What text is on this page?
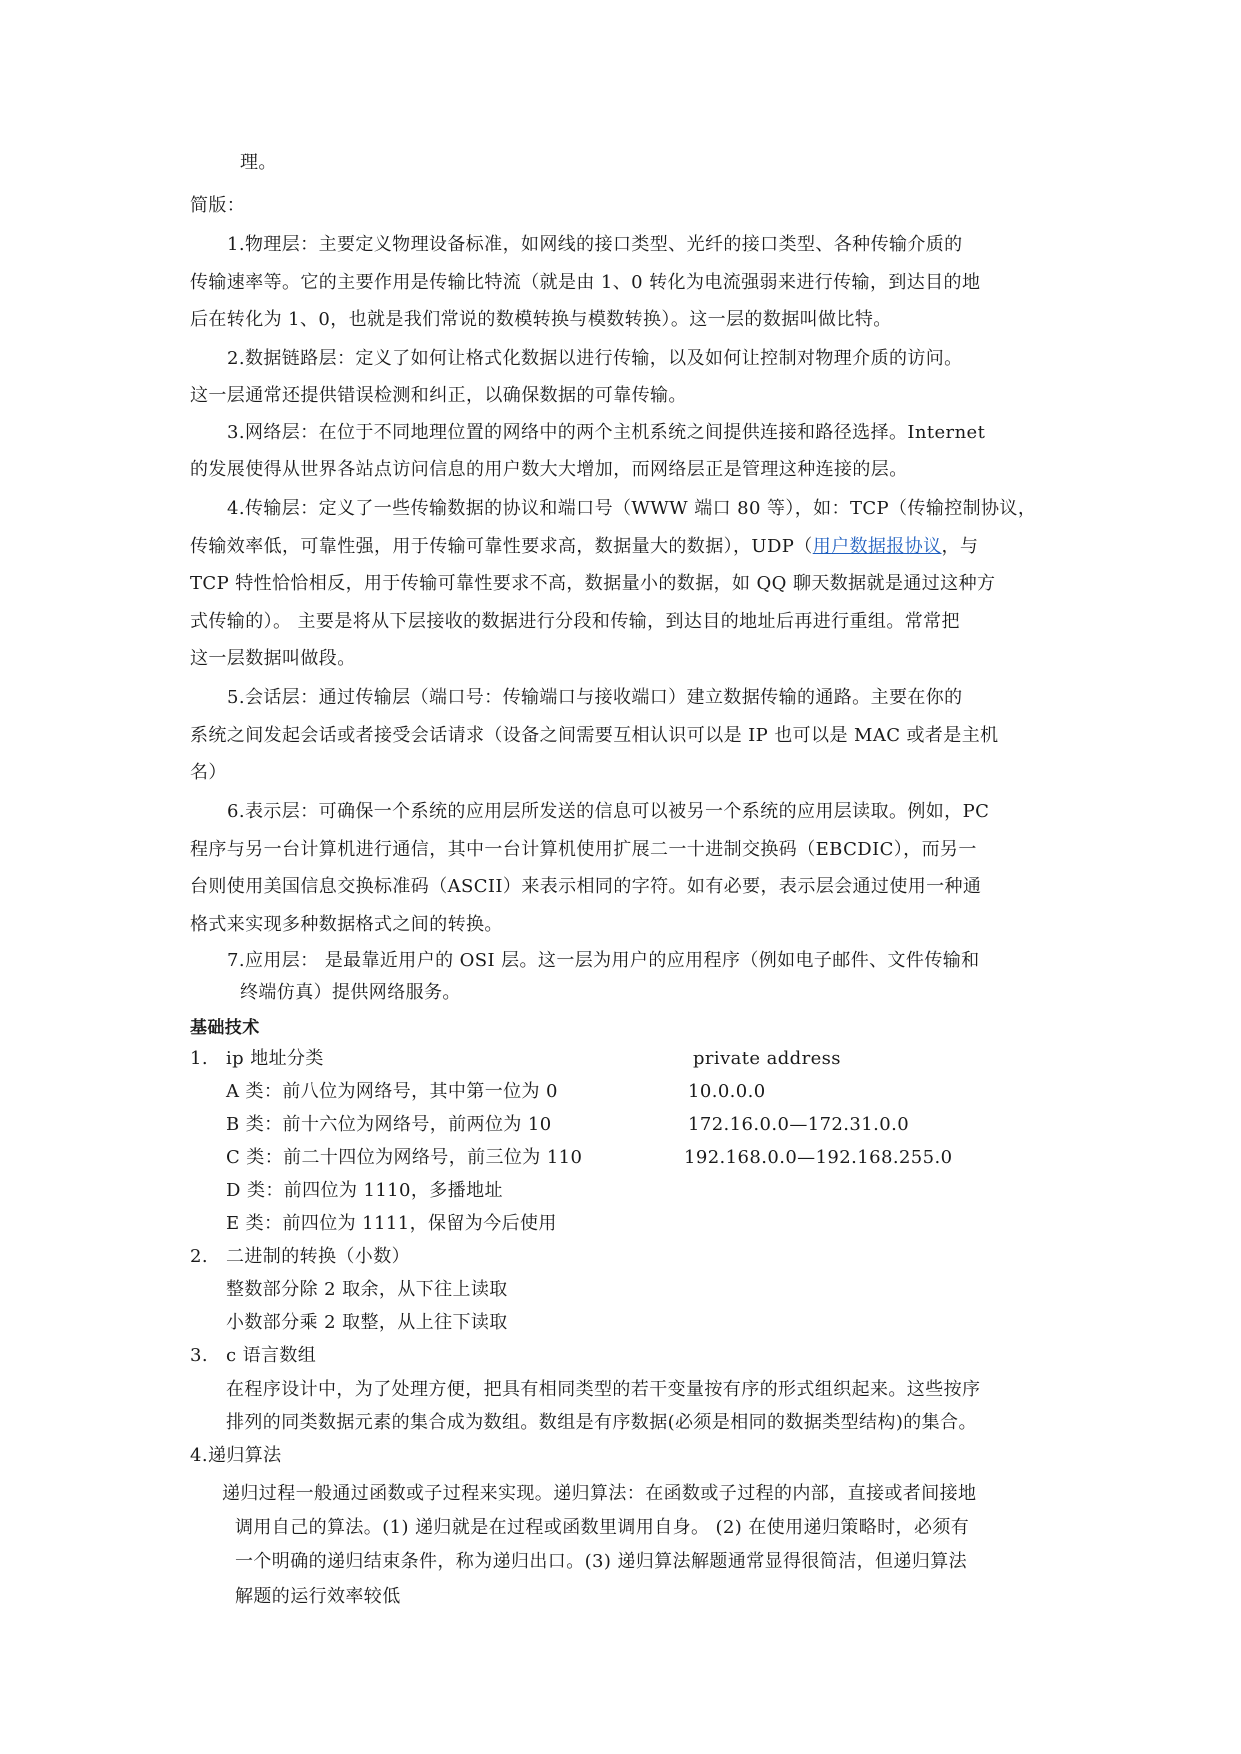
理。
简版：
1.物理层：主要定义物理设备标准，如网线的接口类型、光纤的接口类型、各种传输介质的
传输速率等。它的主要作用是传输比特流（就是由 1、0 转化为电流强弱来进行传输，到达目的地
后在转化为 1、0，也就是我们常说的数模转换与模数转换）。这一层的数据叫做比特。
2.数据链路层：定义了如何让格式化数据以进行传输，以及如何让控制对物理介质的访问。
这一层通常还提供错误检测和纠正，以确保数据的可靠传输。
3.网络层：在位于不同地理位置的网络中的两个主机系统之间提供连接和路径选择。Internet
的发展使得从世界各站点访问信息的用户数大大增加，而网络层正是管理这种连接的层。
4.传输层：定义了一些传输数据的协议和端口号（WWW 端口 80 等），如：TCP（传输控制协议，
传输效率低，可靠性强，用于传输可靠性要求高，数据量大的数据），UDP（用户数据报协议，与
TCP 特性恰恰相反，用于传输可靠性要求不高，数据量小的数据，如 QQ 聊天数据就是通过这种方
式传输的）。 主要是将从下层接收的数据进行分段和传输，到达目的地址后再进行重组。常常把
这一层数据叫做段。
5.会话层：通过传输层（端口号：传输端口与接收端口）建立数据传输的通路。主要在你的
系统之间发起会话或者接受会话请求（设备之间需要互相认识可以是 IP 也可以是 MAC 或者是主机
名）
6.表示层：可确保一个系统的应用层所发送的信息可以被另一个系统的应用层读取。例如，PC
程序与另一台计算机进行通信，其中一台计算机使用扩展二一十进制交换码（EBCDIC），而另一
台则使用美国信息交换标准码（ASCII）来表示相同的字符。如有必要，表示层会通过使用一种通
格式来实现多种数据格式之间的转换。
7.应用层： 是最靠近用户的 OSI 层。这一层为用户的应用程序（例如电子邮件、文件传输和
终端仿真）提供网络服务。
基础技术
1. ip 地址分类	private address
A 类：前八位为网络号，其中第一位为 0	10.0.0.0
B 类：前十六位为网络号，前两位为 10	172.16.0.0—172.31.0.0
C 类：前二十四位为网络号，前三位为 110	192.168.0.0—192.168.255.0
D 类：前四位为 1110，多播地址
E 类：前四位为 1111，保留为今后使用
2. 二进制的转换（小数）
整数部分除 2 取余，从下往上读取
小数部分乘 2 取整，从上往下读取
3. c 语言数组
在程序设计中，为了处理方便，把具有相同类型的若干变量按有序的形式组织起来。这些按序
排列的同类数据元素的集合成为数组。数组是有序数据(必须是相同的数据类型结构)的集合。
4.递归算法
递归过程一般通过函数或子过程来实现。递归算法：在函数或子过程的内部，直接或者间接地
调用自己的算法。(1) 递归就是在过程或函数里调用自身。 (2) 在使用递归策略时，必须有
一个明确的递归结束条件，称为递归出口。(3) 递归算法解题通常显得很简洁，但递归算法
解题的运行效率较低
